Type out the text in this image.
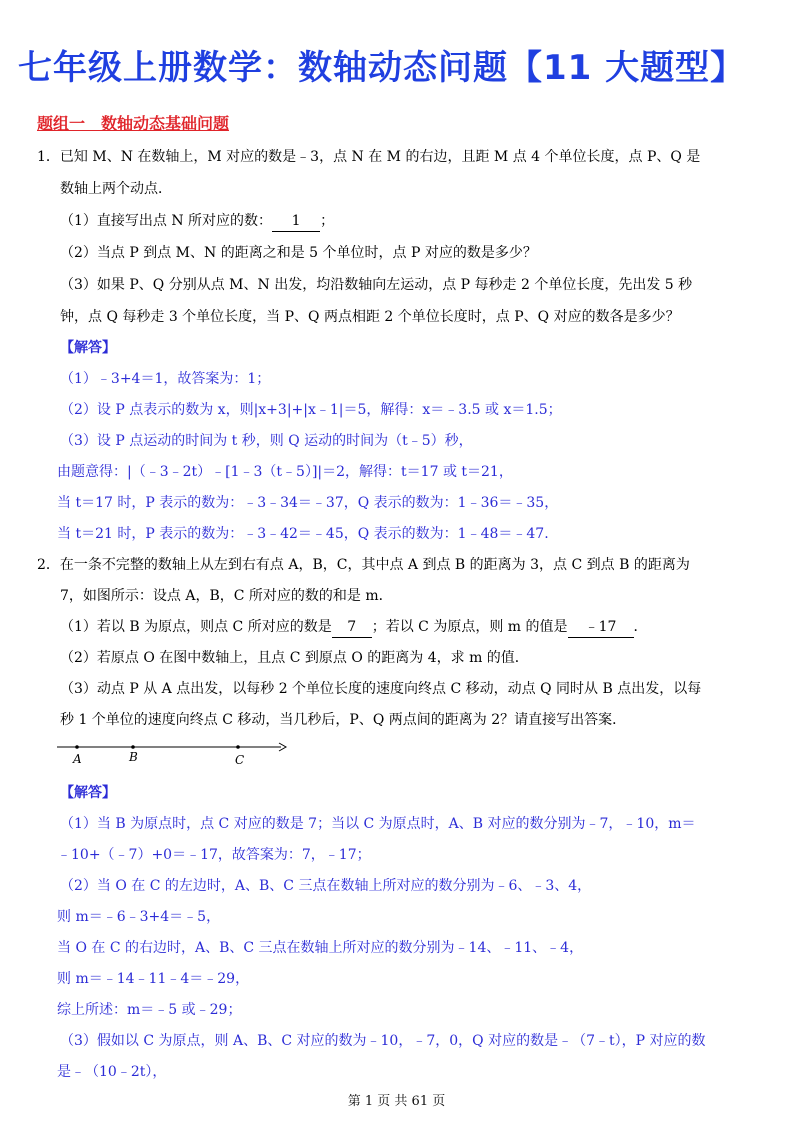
七年级上册数学：数轴动态问题【11 大题型】
题组一　数轴动态基础问题
1．已知 M、N 在数轴上，M 对应的数是﹣3，点 N 在 M 的右边，且距 M 点 4 个单位长度，点 P、Q 是
数轴上两个动点．
（1）直接写出点 N 所对应的数： 1 ；
（2）当点 P 到点 M、N 的距离之和是 5 个单位时，点 P 对应的数是多少？
（3）如果 P、Q 分别从点 M、N 出发，均沿数轴向左运动，点 P 每秒走 2 个单位长度，先出发 5 秒
钟，点 Q 每秒走 3 个单位长度，当 P、Q 两点相距 2 个单位长度时，点 P、Q 对应的数各是多少？
【解答】
（1）﹣3+4＝1，故答案为：1；
（2）设 P 点表示的数为 x，则|x+3|+|x﹣1|＝5，解得：x＝﹣3.5 或 x＝1.5；
（3）设 P 点运动的时间为 t 秒，则 Q 运动的时间为（t﹣5）秒，
由题意得：|（﹣3﹣2t）﹣[1﹣3（t﹣5）]|＝2，解得：t＝17 或 t＝21，
当 t＝17 时，P 表示的数为：﹣3﹣34＝﹣37，Q 表示的数为：1﹣36＝﹣35，
当 t＝21 时，P 表示的数为：﹣3﹣42＝﹣45，Q 表示的数为：1﹣48＝﹣47.
2．在一条不完整的数轴上从左到右有点 A，B，C，其中点 A 到点 B 的距离为 3，点 C 到点 B 的距离为
7，如图所示：设点 A，B，C 所对应的数的和是 m．
（1）若以 B 为原点，则点 C 所对应的数是 7 ；若以 C 为原点，则 m 的值是 ﹣17 ．
（2）若原点 O 在图中数轴上，且点 C 到原点 O 的距离为 4，求 m 的值．
（3）动点 P 从 A 点出发，以每秒 2 个单位长度的速度向终点 C 移动，动点 Q 同时从 B 点出发，以每
秒 1 个单位的速度向终点 C 移动，当几秒后，P、Q 两点间的距离为 2？请直接写出答案．
A	B	C
【解答】
（1）当 B 为原点时，点 C 对应的数是 7；当以 C 为原点时，A、B 对应的数分别为﹣7，﹣10，m＝
﹣10+（﹣7）+0＝﹣17，故答案为：7，﹣17；
（2）当 O 在 C 的左边时，A、B、C 三点在数轴上所对应的数分别为﹣6、﹣3、4，
则 m＝﹣6﹣3+4＝﹣5，
当 O 在 C 的右边时，A、B、C 三点在数轴上所对应的数分别为﹣14、﹣11、﹣4，
则 m＝﹣14﹣11﹣4＝﹣29，
综上所述：m＝﹣5 或﹣29；
（3）假如以 C 为原点，则 A、B、C 对应的数为﹣10，﹣7，0，Q 对应的数是﹣（7﹣t），P 对应的数
是﹣（10﹣2t），
第 1 页 共 61 页
